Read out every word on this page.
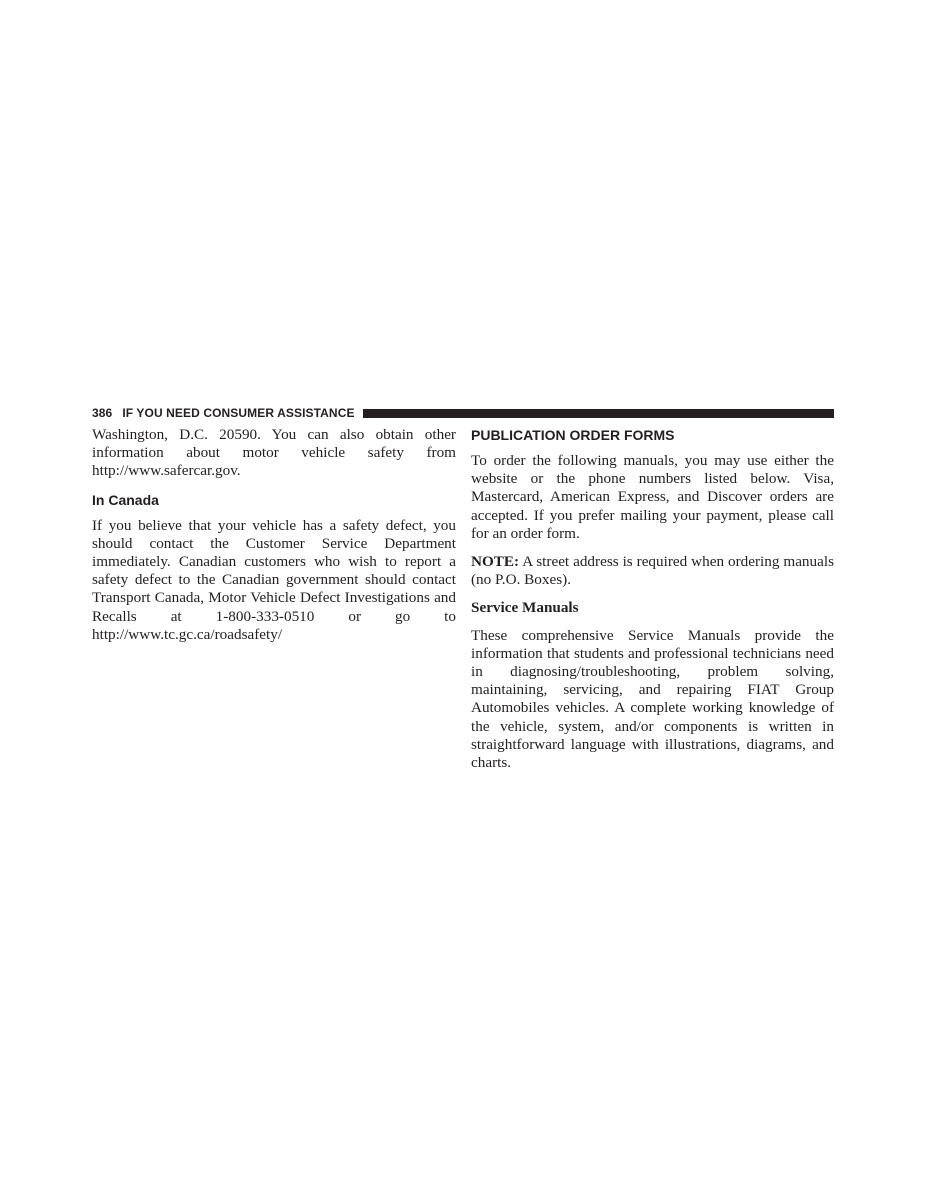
386 IF YOU NEED CONSUMER ASSISTANCE

Washington, D.C. 20590. You can also obtain other information about motor vehicle safety from http://www.safercar.gov.

In Canada

If you believe that your vehicle has a safety defect, you should contact the Customer Service Department immediately. Canadian customers who wish to report a safety defect to the Canadian government should contact Transport Canada, Motor Vehicle Defect Investigations and Recalls at 1-800-333-0510 or go to http://www.tc.gc.ca/roadsafety/

PUBLICATION ORDER FORMS

To order the following manuals, you may use either the website or the phone numbers listed below. Visa, Mastercard, American Express, and Discover orders are accepted. If you prefer mailing your payment, please call for an order form.

NOTE: A street address is required when ordering manuals (no P.O. Boxes).

Service Manuals

These comprehensive Service Manuals provide the information that students and professional technicians need in diagnosing/troubleshooting, problem solving, maintaining, servicing, and repairing FIAT Group Automobiles vehicles. A complete working knowledge of the vehicle, system, and/or components is written in straightforward language with illustrations, diagrams, and charts.
